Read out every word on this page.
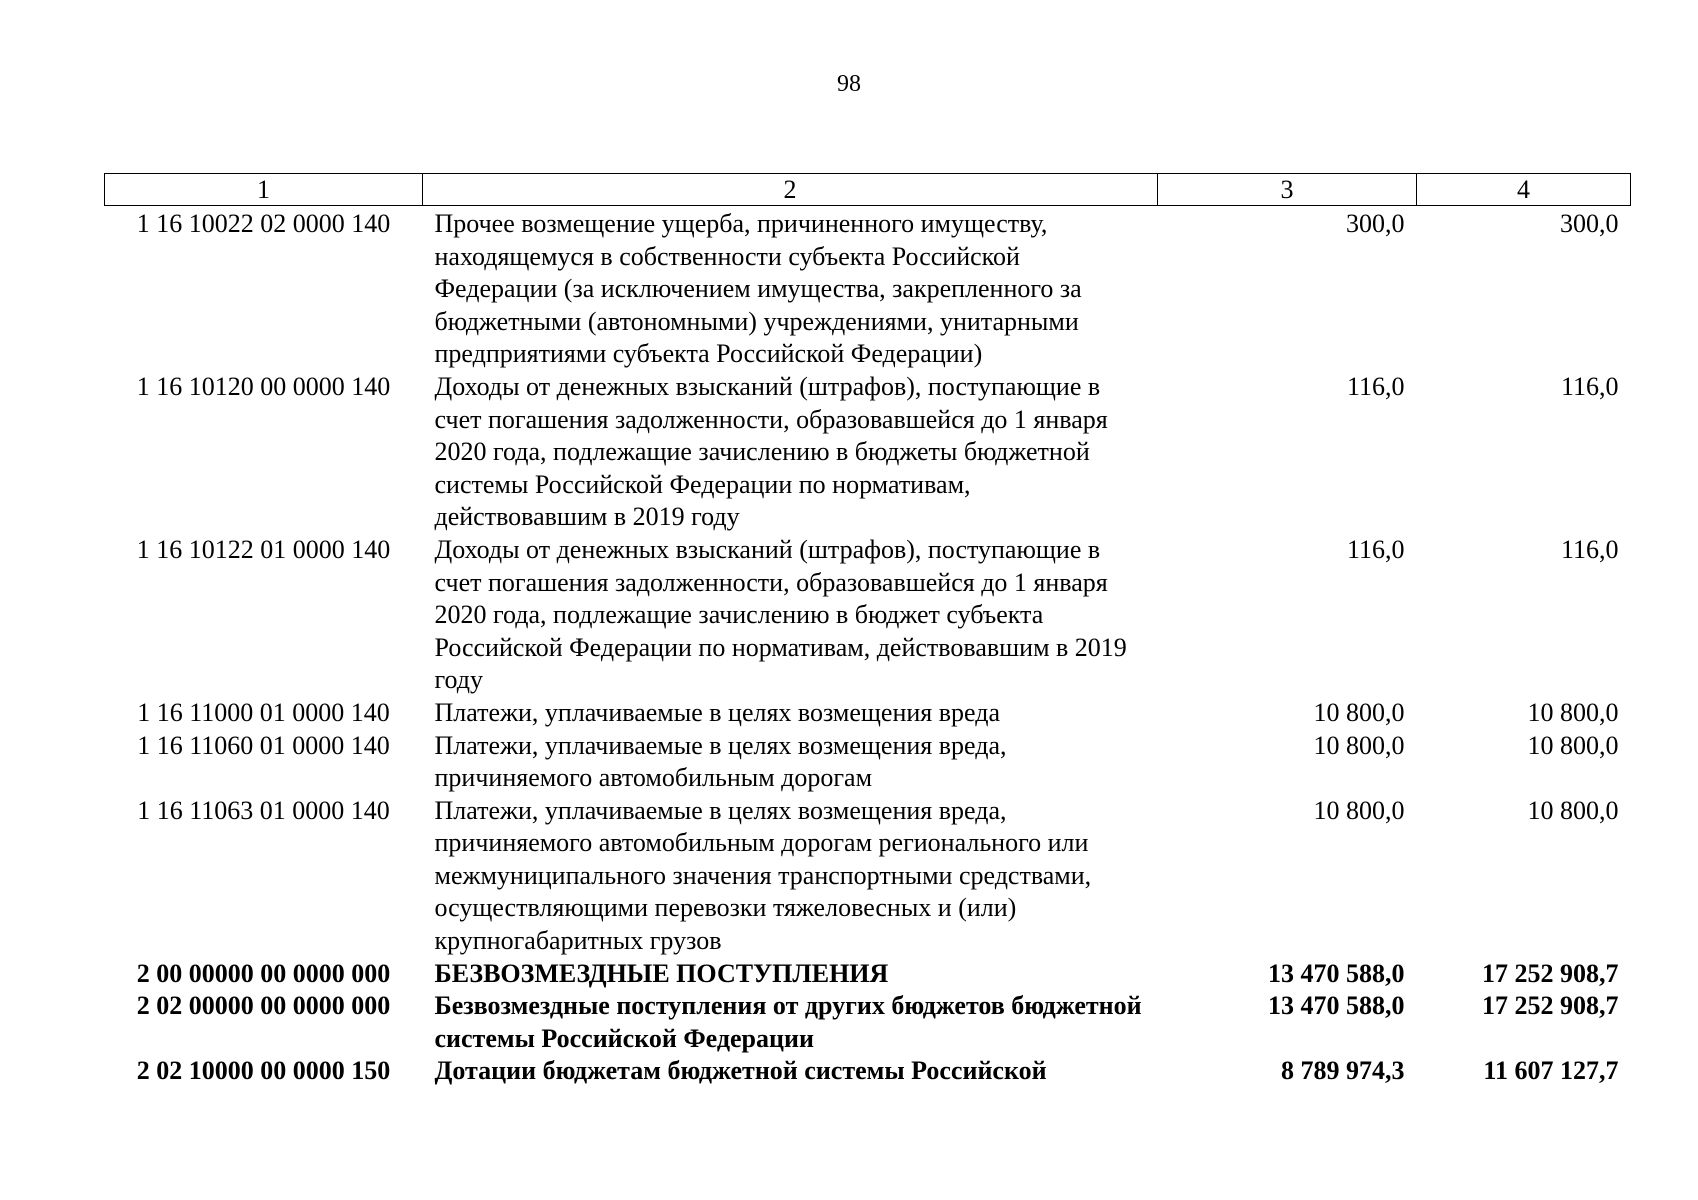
98
1	2	3	4
1 16 10022 02 0000 140	Прочее возмещение ущерба, причиненного имуществу, находящемуся в собственности субъекта Российской Федерации (за исключением имущества, закрепленного за бюджетными (автономными) учреждениями, унитарными предприятиями субъекта Российской Федерации)	300,0	300,0
1 16 10120 00 0000 140	Доходы от денежных взысканий (штрафов), поступающие в счет погашения задолженности, образовавшейся до 1 января 2020 года, подлежащие зачислению в бюджеты бюджетной системы Российской Федерации по нормативам, действовавшим в 2019 году	116,0	116,0
1 16 10122 01 0000 140	Доходы от денежных взысканий (штрафов), поступающие в счет погашения задолженности, образовавшейся до 1 января 2020 года, подлежащие зачислению в бюджет субъекта Российской Федерации по нормативам, действовавшим в 2019 году	116,0	116,0
1 16 11000 01 0000 140	Платежи, уплачиваемые в целях возмещения вреда	10 800,0	10 800,0
1 16 11060 01 0000 140	Платежи, уплачиваемые в целях возмещения вреда, причиняемого автомобильным дорогам	10 800,0	10 800,0
1 16 11063 01 0000 140	Платежи, уплачиваемые в целях возмещения вреда, причиняемого автомобильным дорогам регионального или межмуниципального значения транспортными средствами, осуществляющими перевозки тяжеловесных и (или) крупногабаритных грузов	10 800,0	10 800,0
2 00 00000 00 0000 000	БЕЗВОЗМЕЗДНЫЕ ПОСТУПЛЕНИЯ	13 470 588,0	17 252 908,7
2 02 00000 00 0000 000	Безвозмездные поступления от других бюджетов бюджетной системы Российской Федерации	13 470 588,0	17 252 908,7
2 02 10000 00 0000 150	Дотации бюджетам бюджетной системы Российской	8 789 974,3	11 607 127,7
